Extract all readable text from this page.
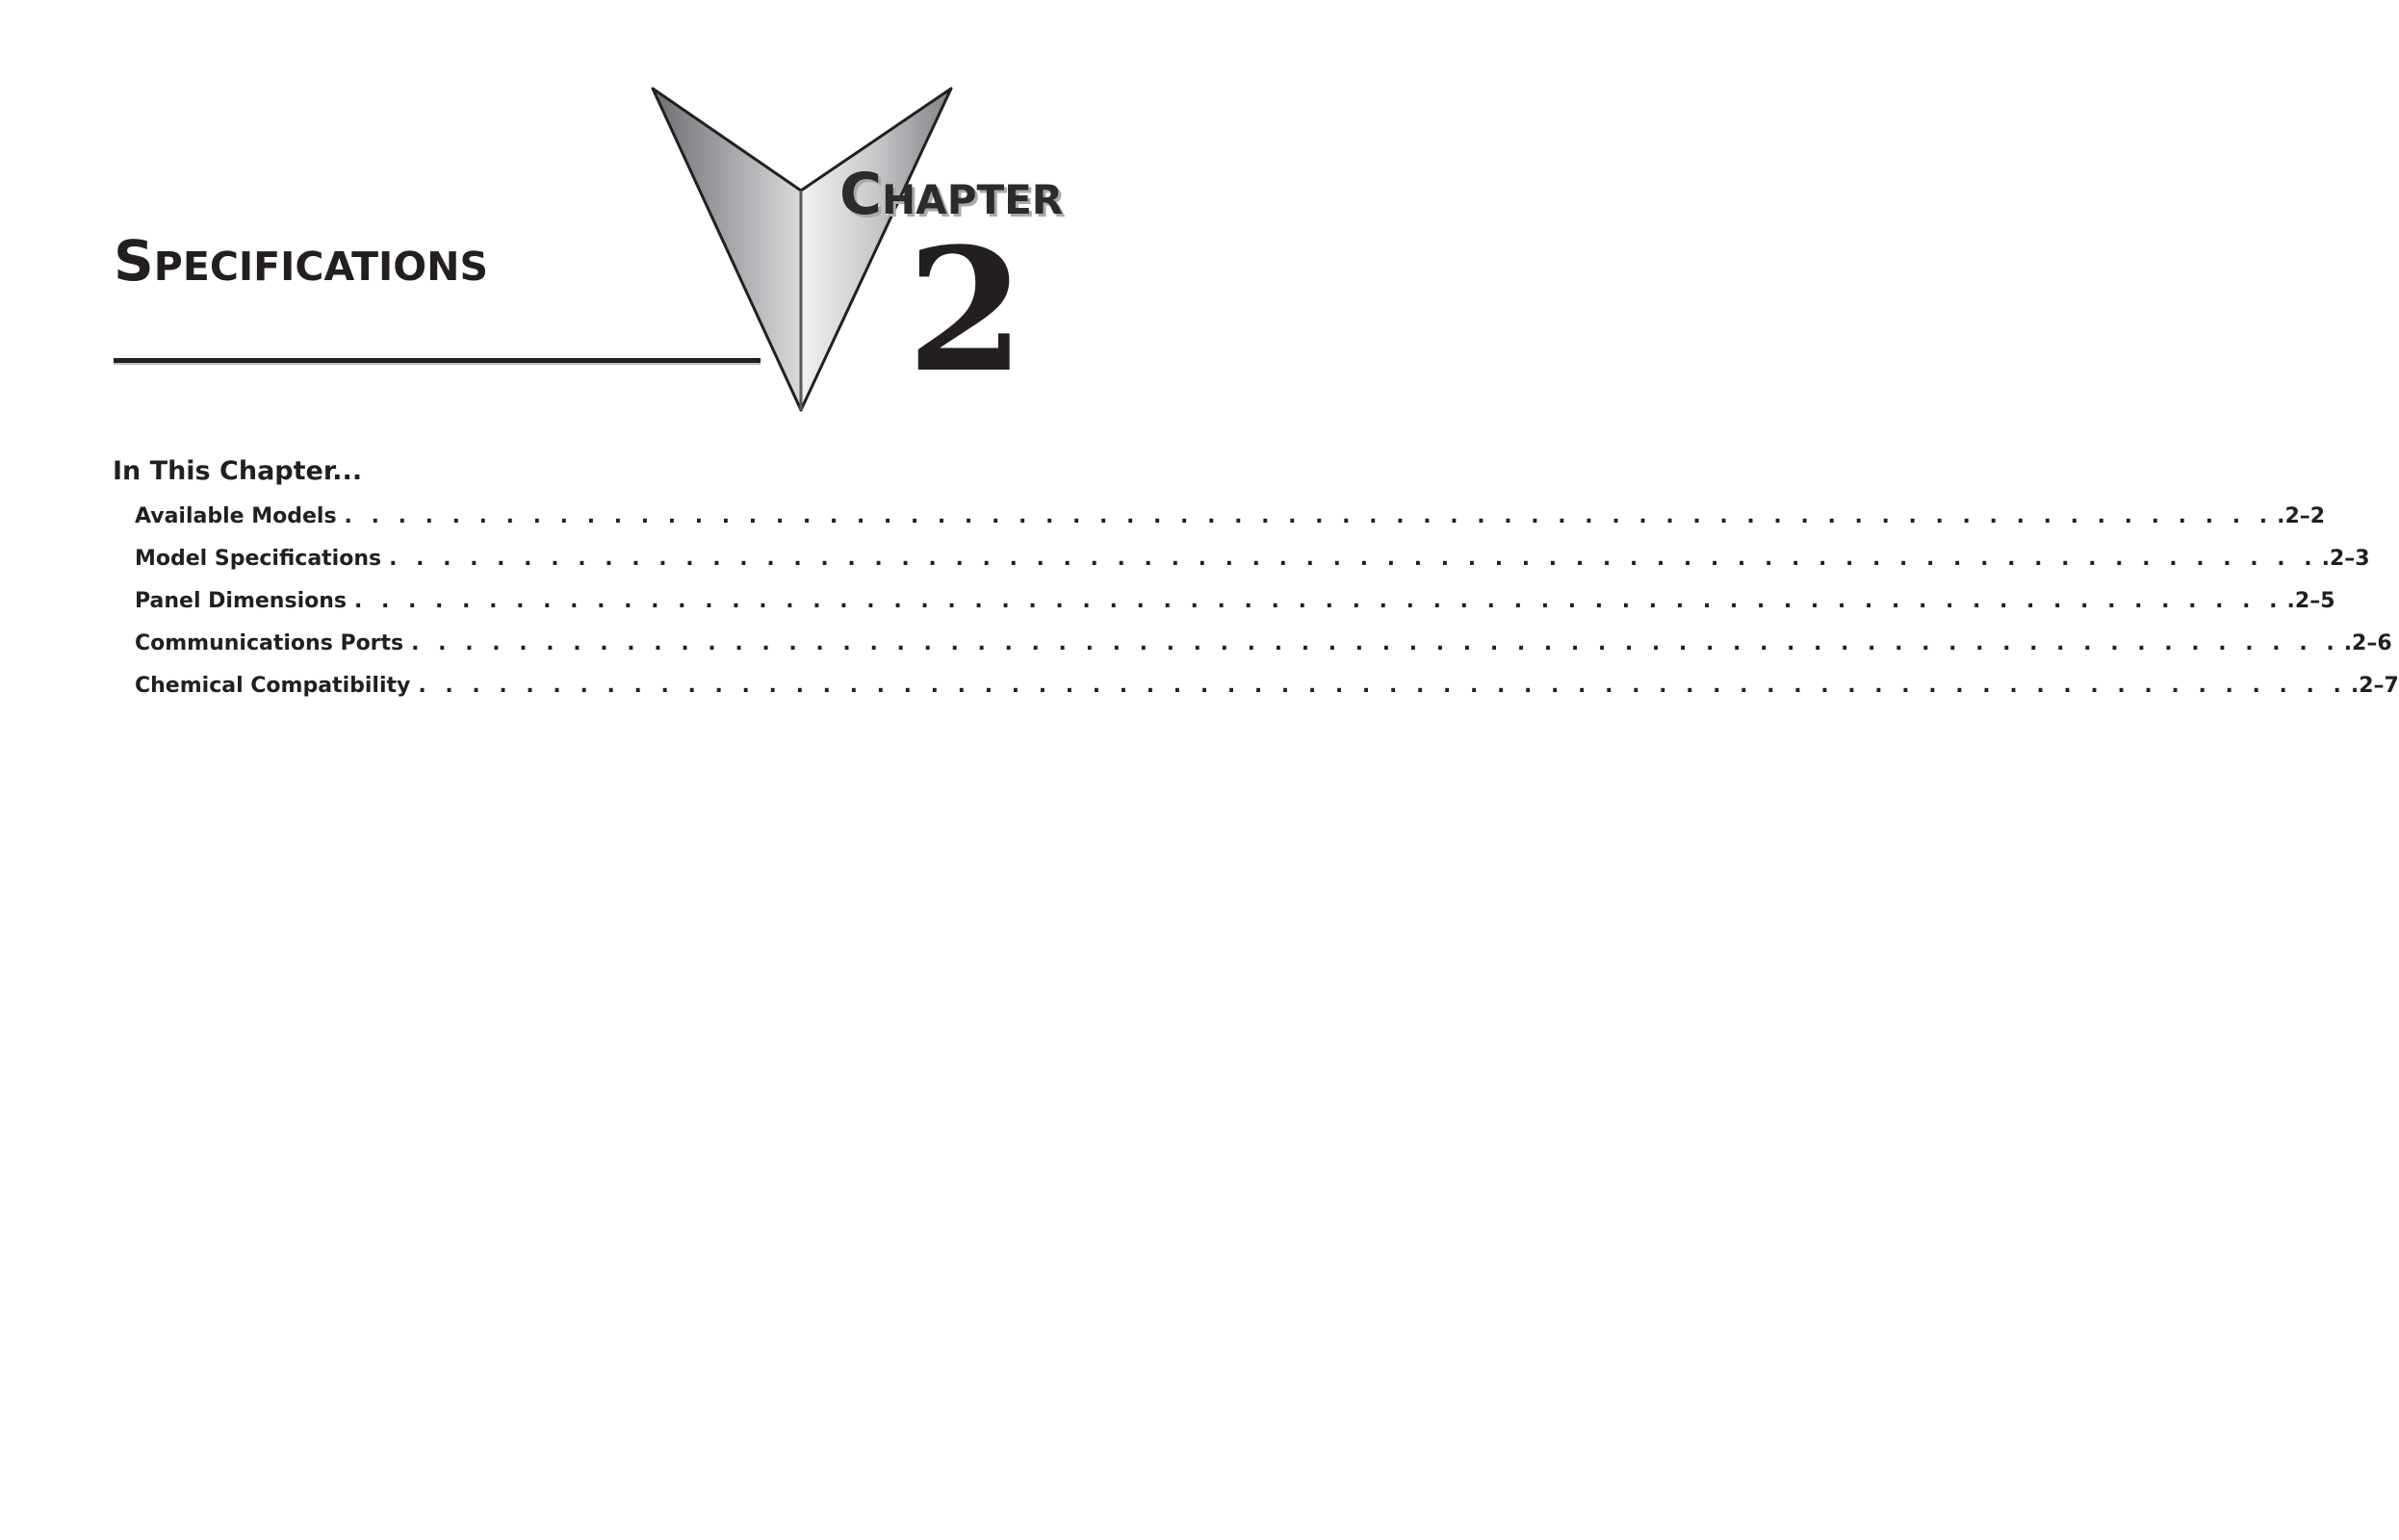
Specifications
Chapter
2
In This Chapter...
Available Models . . . . . . . . . . . . . . . . . . . . . . . . . . . . . . . . . . . . . . . . . . . . . . . . . . . . . . . . . . . . . . . . . . . . . . . . .2–2
Model Specifications . . . . . . . . . . . . . . . . . . . . . . . . . . . . . . . . . . . . . . . . . . . . . . . . . . . . . . . . . . . . . . . . . . . . . . . . .2–3
Panel Dimensions . . . . . . . . . . . . . . . . . . . . . . . . . . . . . . . . . . . . . . . . . . . . . . . . . . . . . . . . . . . . . . . . . . . . . . . . .2–5
Communications Ports . . . . . . . . . . . . . . . . . . . . . . . . . . . . . . . . . . . . . . . . . . . . . . . . . . . . . . . . . . . . . . . . . . . . . . . . .2–6
Chemical Compatibility . . . . . . . . . . . . . . . . . . . . . . . . . . . . . . . . . . . . . . . . . . . . . . . . . . . . . . . . . . . . . . . . . . . . . . . . .2–7
